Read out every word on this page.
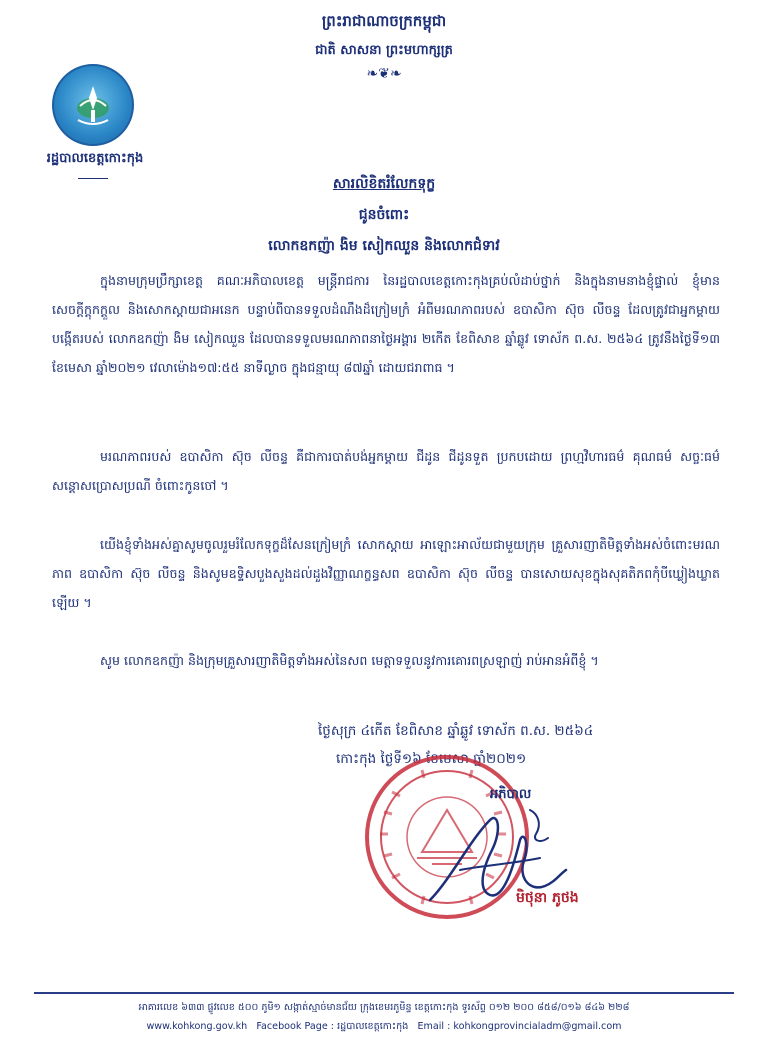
ព្រះរាជាណាចក្រកម្ពុជា
ជាតិ សាសនា ព្រះមហាក្សត្រ
❧❦❧
រដ្ឋបាលខេត្តកោះកុង
សារលិខិតរំលែកទុក្ខ
ជូនចំពោះ
លោកឧកញ៉ា ងិម សៀកឈួន និងលោកជំទាវ
ក្នុងនាមក្រុមប្រឹក្សាខេត្ត គណៈអភិបាលខេត្ត មន្ត្រីរាជការ នៃរដ្ឋបាលខេត្តកោះកុងគ្រប់លំដាប់ថ្នាក់ និងក្នុងនាមនាងខ្ញុំផ្ទាល់ ខ្ញុំមានសេចក្តីក្តុកក្តួល និងសោកស្តាយជាអនេក បន្ទាប់ពីបានទទួលដំណឹងដ៏ក្រៀមក្រំ អំពីមរណភាពរបស់ ឧបាសិកា ស៊ុច លីចន្ទ ដែលត្រូវជាអ្នកម្តាយបង្កើតរបស់ លោកឧកញ៉ា ងិម សៀកឈួន ដែលបានទទួលមរណភាពនាថ្ងៃអង្គារ ២កើត ខែពិសាខ ឆ្នាំឆ្លូវ ទោស័ក ព.ស. ២៥៦៤ ត្រូវនឹងថ្ងៃទី១៣ ខែមេសា ឆ្នាំ២០២១ វេលាម៉ោង១៧:៥៥ នាទីល្ងាច ក្នុងជន្មាយុ ៨៧ឆ្នាំ ដោយជរាពាធ ។
មរណភាពរបស់ ឧបាសិកា ស៊ុច លីចន្ទ គឺជាការបាត់បង់អ្នកម្តាយ ជីដូន ជីដូនទួត ប្រកបដោយ ព្រហ្មវិហារធម៌ គុណធម៌ សច្ចៈធម៌ សន្តោសប្រោសប្រណី ចំពោះកូនចៅ ។
យើងខ្ញុំទាំងអស់គ្នាសូមចូលរួមរំលែកទុក្ខដ៏សែនក្រៀមក្រំ សោកស្តាយ អាឡោះអាល័យជាមួយក្រុម គ្រួសារញាតិមិត្តទាំងអស់ចំពោះមរណភាព ឧបាសិកា ស៊ុច លីចន្ទ និងសូមឧទ្ទិសបួងសួងដល់ដួងវិញ្ញាណក្ខន្ធសព ឧបាសិកា ស៊ុច លីចន្ទ បានសោយសុខក្នុងសុគតិភពកុំបីឃ្លៀងឃ្លាតឡើយ ។
សូម លោកឧកញ៉ា និងក្រុមគ្រួសារញាតិមិត្តទាំងអស់នៃសព មេត្តាទទួលនូវការគោរពស្រឡាញ់ រាប់អានអំពីខ្ញុំ ។
ថ្ងៃសុក្រ ៤កើត ខែពិសាខ ឆ្នាំឆ្លូវ ទោស័ក ព.ស. ២៥៦៤
កោះកុង ថ្ងៃទី១៦ ខែមេសា ឆ្នាំ២០២១
អភិបាល
មិថុនា ភូថង
អាគារលេខ ៦៣៣ ផ្លូវលេខ ៥០០ ភូមិ១ សង្កាត់ស្មាច់មានជ័យ ក្រុងខេមរភូមិន្ទ ខេត្តកោះកុង ទូរស័ព្ទ ០១២ ២០០ ៨៥៨/០១៦ ៨៤៦ ២២៨
www.kohkong.gov.kh Facebook Page : រដ្ឋបាលខេត្តកោះកុង Email : kohkongprovincialadm@gmail.com
